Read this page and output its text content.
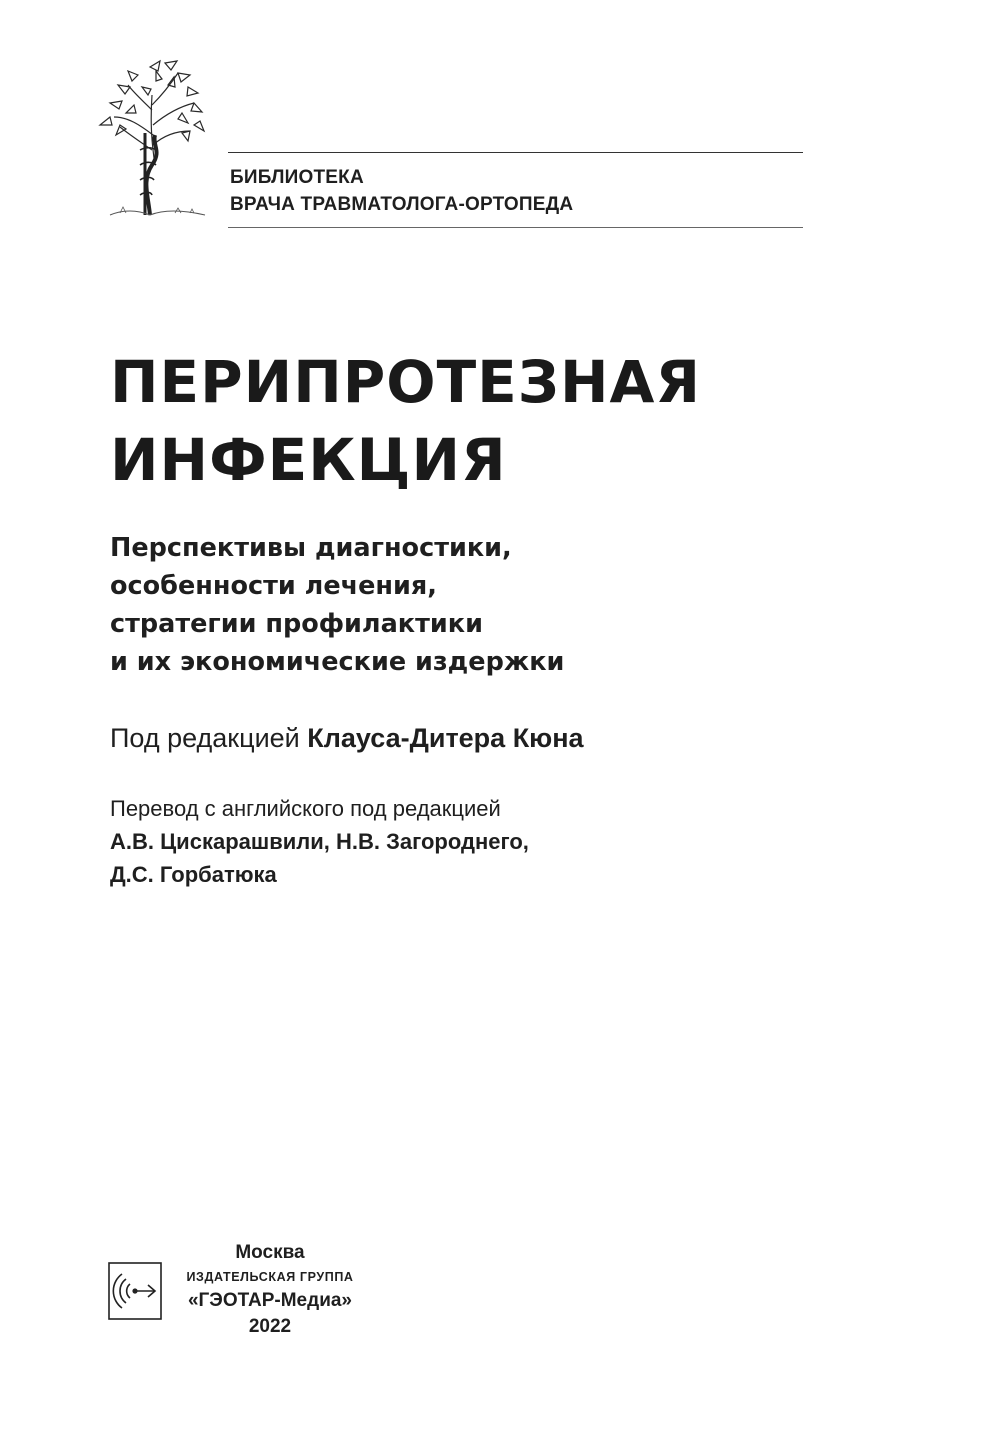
БИБЛИОТЕКА
ВРАЧА ТРАВМАТОЛОГА-ОРТОПЕДА
ПЕРИПРОТЕЗНАЯ
ИНФЕКЦИЯ
Перспективы диагностики,
особенности лечения,
стратегии профилактики
и их экономические издержки
Под редакцией Клауса-Дитера Кюна
Перевод с английского под редакцией
А.В. Цискарашвили, Н.В. Загороднего,
Д.С. Горбатюка
Москва
ИЗДАТЕЛЬСКАЯ ГРУППА
«ГЭОТАР-Медиа»
2022
